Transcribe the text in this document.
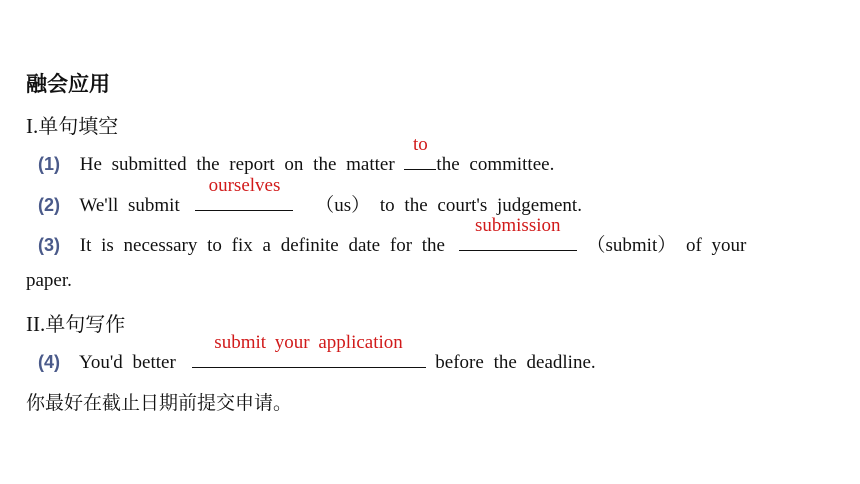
融会应用
I.单句填空
(1) He submitted the report on the matter
to
the committee.
(2) We'll submit
ourselves
（us） to the court's judgement.
(3) It is necessary to fix a definite date for the
submission
（submit） of your
paper.
II.单句写作
(4) You'd better
submit your application
before the deadline.
你最好在截止日期前提交申请。
